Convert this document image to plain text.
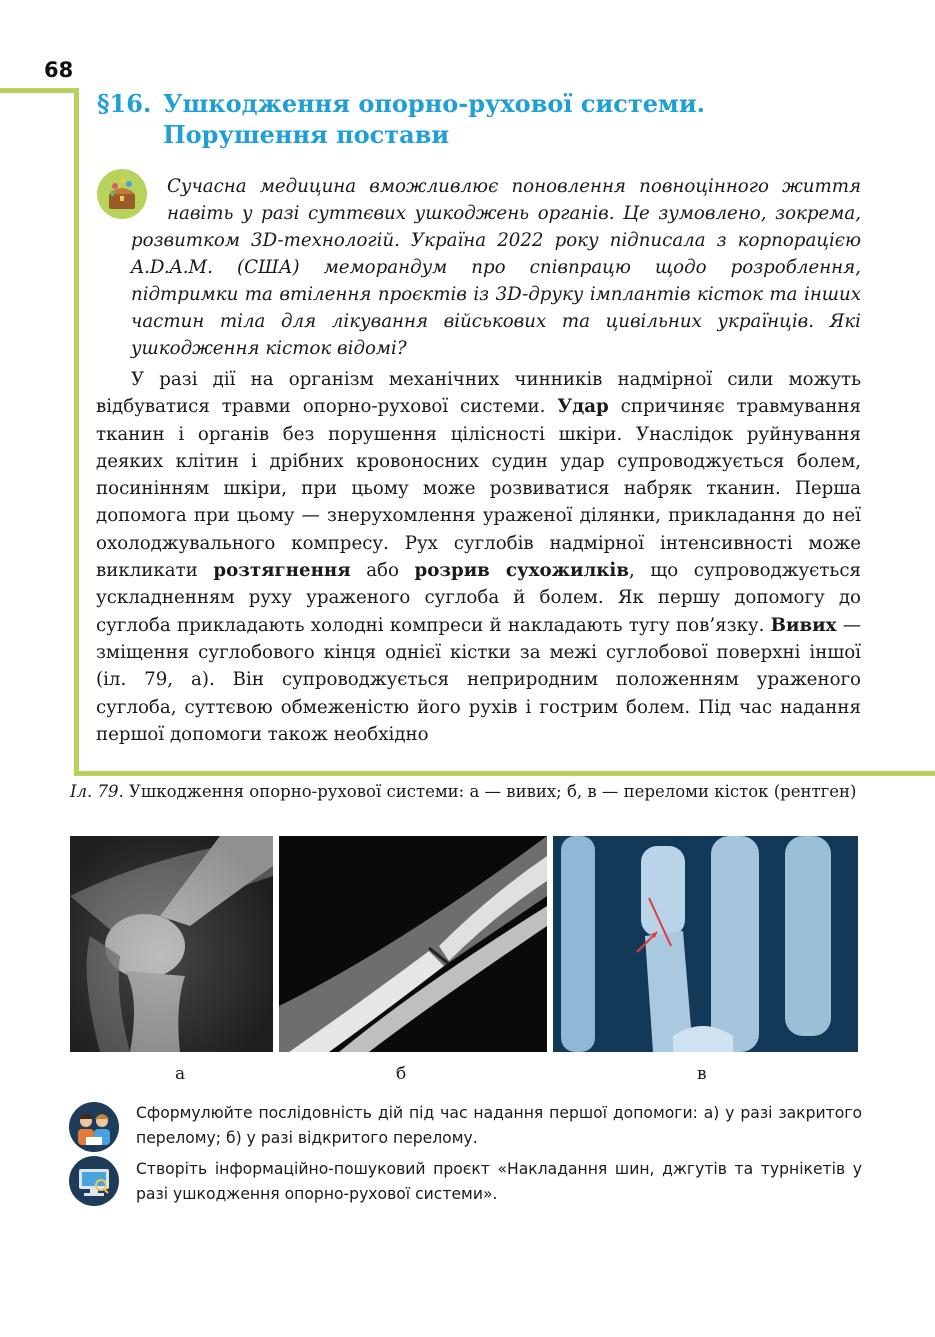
68
§16. Ушкодження опорно-рухової системи.
Порушення постави
Сучасна медицина вможливлює поновлення повноцінного життя навіть у разі суттєвих ушкоджень органів. Це зумовлено, зокрема, розвитком 3D-технологій. Україна 2022 року підписала з корпорацією A.D.A.M. (США) меморандум про співпрацю щодо розроблення, підтримки та втілення проєктів із 3D-друку імплантів кісток та інших частин тіла для лікування військових та цивільних українців. Які ушкодження кісток відомі?
У разі дії на організм механічних чинників надмірної сили можуть відбуватися травми опорно-рухової системи. Удар спричиняє травмування тканин і органів без порушення цілісності шкіри. Унаслідок руйнування деяких клітин і дрібних кровоносних судин удар супроводжується болем, посинінням шкіри, при цьому може розвиватися набряк тканин. Перша допомога при цьому — знерухомлення ураженої ділянки, прикладання до неї охолоджувального компресу. Рух суглобів надмірної інтенсивності може викликати розтягнення або розрив сухожилків, що супроводжується ускладненням руху ураженого суглоба й болем. Як першу допомогу до суглоба прикладають холодні компреси й накладають тугу пов’язку. Вивих — зміщення суглобового кінця однієї кістки за межі суглобової поверхні іншої (іл. 79, а). Він супроводжується неприродним положенням ураженого суглоба, суттєвою обмеженістю його рухів і гострим болем. Під час надання першої допомоги також необхідно
Іл. 79. Ушкодження опорно-рухової системи: а — вивих; б, в — переломи кісток (рентген)
а	б	в
Сформулюйте послідовність дій під час надання першої допомоги: а) у разі закритого перелому; б) у разі відкритого перелому.
Створіть інформаційно-пошуковий проєкт «Накладання шин, джгутів та турнікетів у разі ушкодження опорно-рухової системи».
